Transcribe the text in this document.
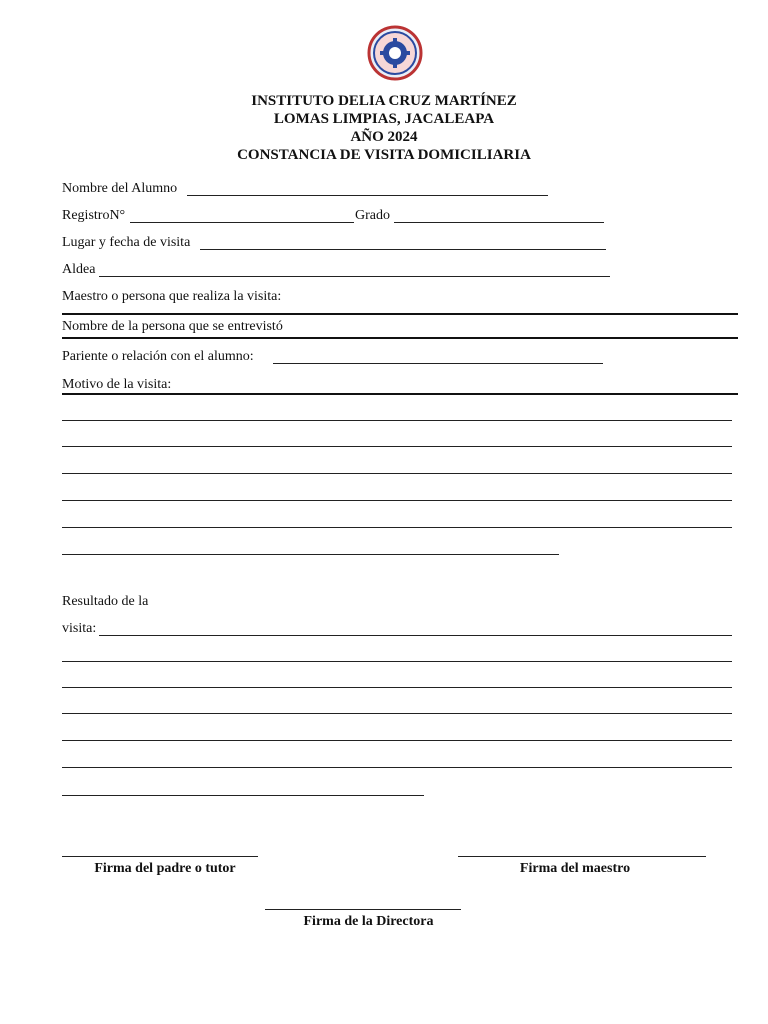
INSTITUTO DELIA CRUZ MARTÍNEZ
LOMAS LIMPIAS, JACALEAPA
AÑO 2024
CONSTANCIA DE VISITA DOMICILIARIA
Nombre del Alumno
RegistroN°	Grado
Lugar y fecha de visita
Aldea
Maestro o persona que realiza la visita:
Nombre de la persona que se entrevistó
Pariente o relación con el alumno:
Motivo de la visita:
Resultado de la
visita:
Firma del padre o tutor	Firma del maestro
Firma de la Directora
